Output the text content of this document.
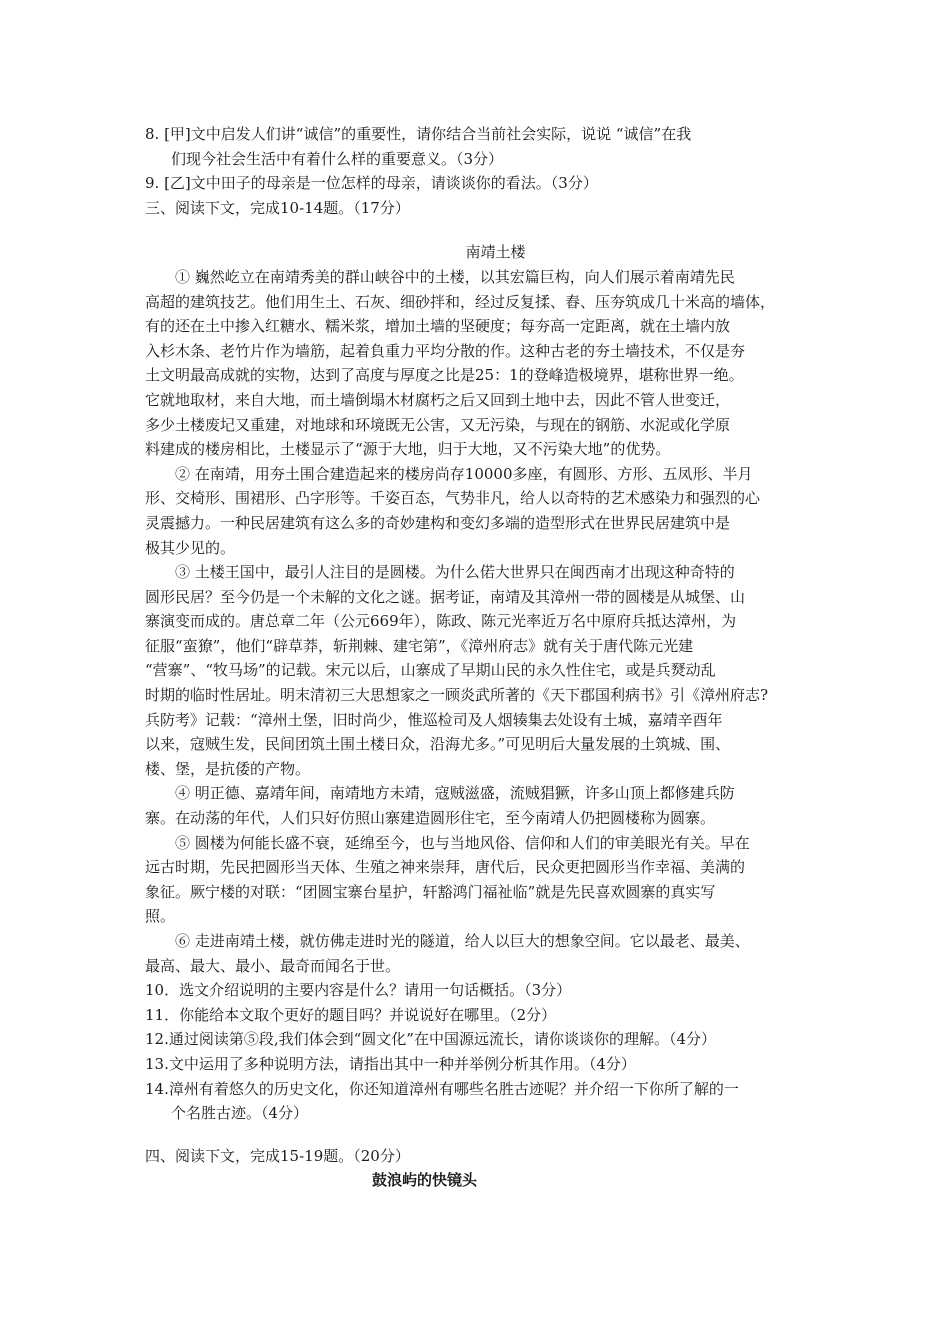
8. [甲]文中启发人们讲“诚信”的重要性，请你结合当前社会实际，说说 “诚信”在我
们现今社会生活中有着什么样的重要意义。（3分）
9. [乙]文中田子的母亲是一位怎样的母亲，请谈谈你的看法。（3分）
三、阅读下文，完成10-14题。（17分）
南靖土楼
① 巍然屹立在南靖秀美的群山峡谷中的土楼，以其宏篇巨构，向人们展示着南靖先民
高超的建筑技艺。他们用生土、石灰、细砂拌和，经过反复揉、舂、压夯筑成几十米高的墙体，
有的还在土中掺入红糖水、糯米浆，增加土墙的坚硬度；每夯高一定距离，就在土墙内放
入杉木条、老竹片作为墙筋，起着負重力平均分散的作。这种古老的夯土墙技术，不仅是夯
土文明最高成就的实物，达到了高度与厚度之比是25：1的登峰造极境界，堪称世界一绝。
它就地取材，来自大地，而土墙倒塌木材腐朽之后又回到土地中去，因此不管人世变迁，
多少土楼废圮又重建，对地球和环境既无公害，又无污染，与现在的钢筋、水泥或化学原
料建成的楼房相比，土楼显示了“源于大地，归于大地，又不污染大地”的优势。
② 在南靖，用夯土围合建造起来的楼房尚存10000多座，有圆形、方形、五凤形、半月
形、交椅形、围裙形、凸字形等。千姿百态，气势非凡，给人以奇特的艺术感染力和强烈的心
灵震撼力。一种民居建筑有这么多的奇妙建构和变幻多端的造型形式在世界民居建筑中是
极其少见的。
③ 土楼王国中，最引人注目的是圆楼。为什么偌大世界只在闽西南才出现这种奇特的
圆形民居？至今仍是一个未解的文化之谜。据考证，南靖及其漳州一带的圆楼是从城堡、山
寨演变而成的。唐总章二年（公元669年），陈政、陈元光率近万名中原府兵抵达漳州，为
征服“蛮獠”，他们“辟草莽，斩荆棘、建宅第”，《漳州府志》就有关于唐代陈元光建
“营寨”、“牧马场”的记载。宋元以后，山寨成了早期山民的永久性住宅，或是兵燹动乱
时期的临时性居址。明末清初三大思想家之一顾炎武所著的《天下郡国利病书》引《漳州府志?
兵防考》记载：“漳州土堡，旧时尚少，惟巡检司及人烟辏集去处设有土城，嘉靖辛酉年
以来，寇贼生发，民间团筑土围土楼日众，沿海尤多。”可见明后大量发展的土筑城、围、
楼、堡，是抗倭的产物。
④ 明正德、嘉靖年间，南靖地方未靖，寇贼滋盛，流贼猖獗，许多山顶上都修建兵防
寨。在动荡的年代，人们只好仿照山寨建造圆形住宅，至今南靖人仍把圆楼称为圆寨。
⑤ 圆楼为何能长盛不衰，延绵至今，也与当地风俗、信仰和人们的审美眼光有关。早在
远古时期，先民把圆形当天体、生殖之神来崇拜，唐代后，民众更把圆形当作幸福、美满的
象征。厥宁楼的对联：“团圆宝寨台星护，轩豁鸿门福祉临”就是先民喜欢圆寨的真实写
照。
⑥ 走进南靖土楼，就仿佛走进时光的隧道，给人以巨大的想象空间。它以最老、最美、
最高、最大、最小、最奇而闻名于世。
10．选文介绍说明的主要内容是什么？请用一句话概括。（3分）
11．你能给本文取个更好的题目吗？并说说好在哪里。（2分）
12.通过阅读第⑤段,我们体会到“圆文化”在中国源远流长，请你谈谈你的理解。（4分）
13.文中运用了多种说明方法，请指出其中一种并举例分析其作用。（4分）
14.漳州有着悠久的历史文化，你还知道漳州有哪些名胜古迹呢？并介绍一下你所了解的一
个名胜古迹。（4分）
四、阅读下文，完成15-19题。（20分）
鼓浪屿的快镜头
